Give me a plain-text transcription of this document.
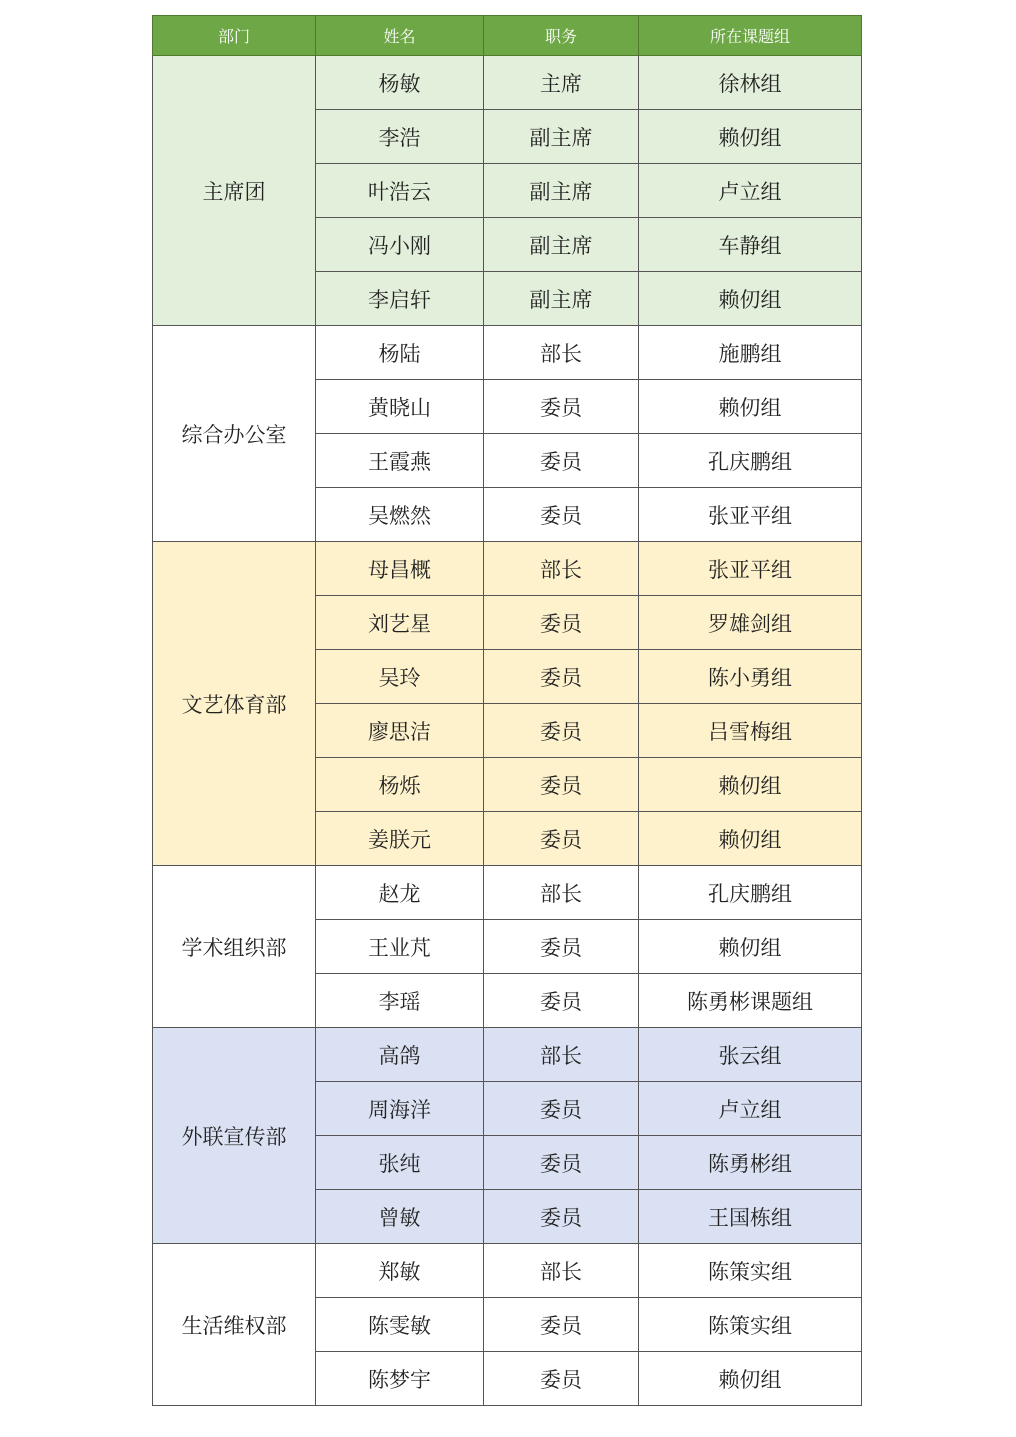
部门	姓名	职务	所在课题组
主席团	杨敏	主席	徐林组
	李浩	副主席	赖仞组
	叶浩云	副主席	卢立组
	冯小刚	副主席	车静组
	李启轩	副主席	赖仞组
综合办公室	杨陆	部长	施鹏组
	黄晓山	委员	赖仞组
	王霞燕	委员	孔庆鹏组
	吴燃然	委员	张亚平组
文艺体育部	母昌概	部长	张亚平组
	刘艺星	委员	罗雄剑组
	吴玲	委员	陈小勇组
	廖思洁	委员	吕雪梅组
	杨烁	委员	赖仞组
	姜朕元	委员	赖仞组
学术组织部	赵龙	部长	孔庆鹏组
	王业芃	委员	赖仞组
	李瑶	委员	陈勇彬课题组
外联宣传部	高鸽	部长	张云组
	周海洋	委员	卢立组
	张纯	委员	陈勇彬组
	曾敏	委员	王国栋组
生活维权部	郑敏	部长	陈策实组
	陈雯敏	委员	陈策实组
	陈梦宇	委员	赖仞组
